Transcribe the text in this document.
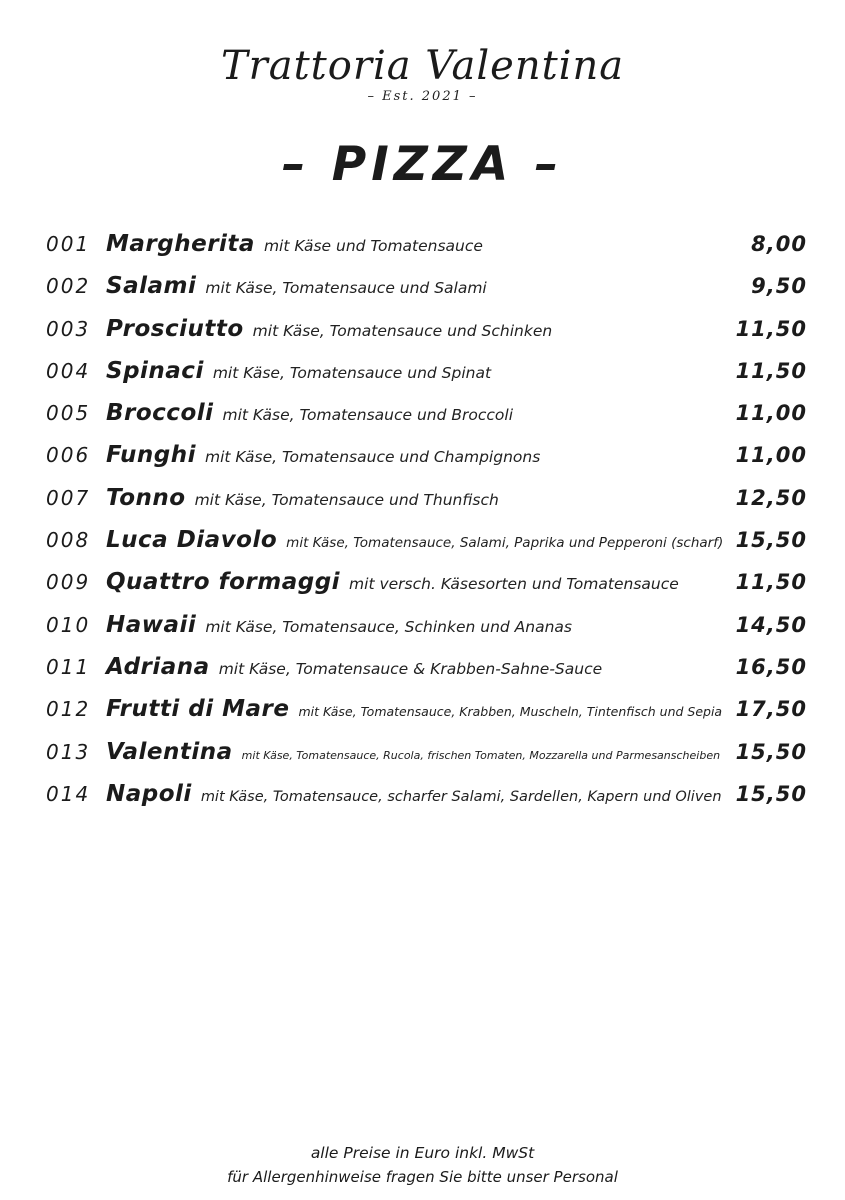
Trattoria Valentina
– Est. 2021 –
– PIZZA –
001 Margherita mit Käse und Tomatensauce	8,00
002 Salami mit Käse, Tomatensauce und Salami	9,50
003 Prosciutto mit Käse, Tomatensauce und Schinken	11,50
004 Spinaci mit Käse, Tomatensauce und Spinat	11,50
005 Broccoli mit Käse, Tomatensauce und Broccoli	11,00
006 Funghi mit Käse, Tomatensauce und Champignons	11,00
007 Tonno mit Käse, Tomatensauce und Thunfisch	12,50
008 Luca Diavolo mit Käse, Tomatensauce, Salami, Paprika und Pepperoni (scharf) 15,50
009 Quattro formaggi mit versch. Käsesorten und Tomatensauce	11,50
010 Hawaii mit Käse, Tomatensauce, Schinken und Ananas	14,50
011 Adriana mit Käse, Tomatensauce & Krabben-Sahne-Sauce	16,50
012 Frutti di Mare mit Käse, Tomatensauce, Krabben, Muscheln, Tintenfisch und Sepia 17,50
013 Valentina mit Käse, Tomatensauce, Rucola, frischen Tomaten, Mozzarella und Parmesanscheiben 15,50
014 Napoli mit Käse, Tomatensauce, scharfer Salami, Sardellen, Kapern und Oliven 15,50
alle Preise in Euro inkl. MwSt
für Allergenhinweise fragen Sie bitte unser Personal
